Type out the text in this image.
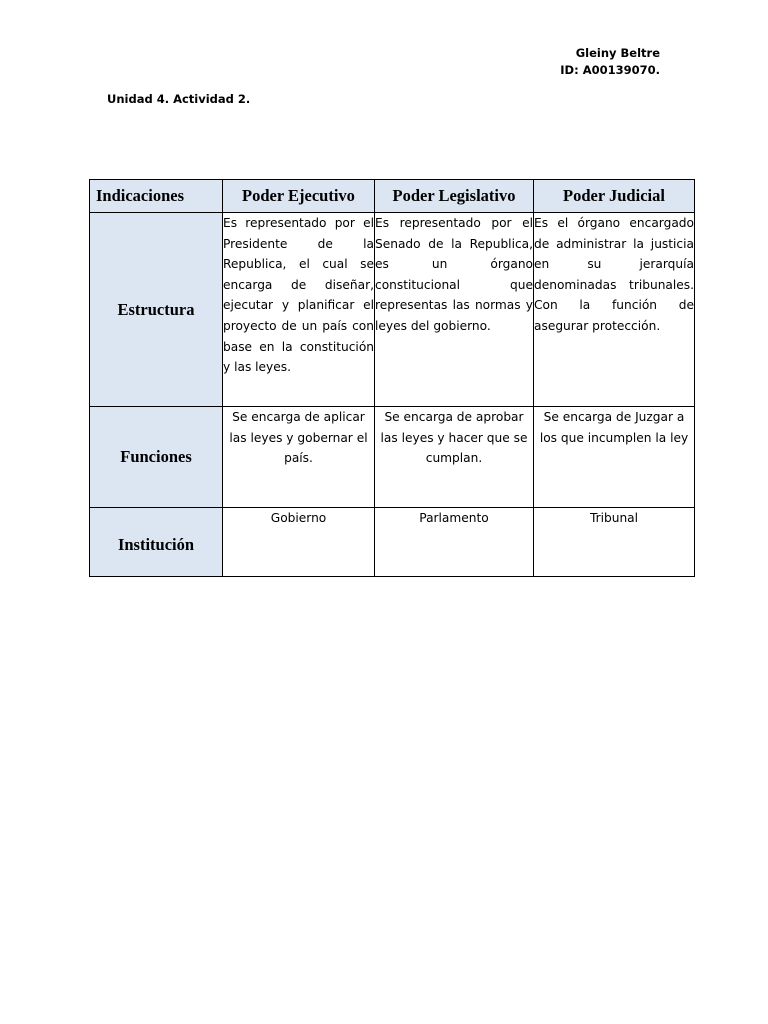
Gleiny Beltre
ID: A00139070.
Unidad 4. Actividad 2.
Indicaciones	Poder Ejecutivo	Poder Legislativo	Poder Judicial
Estructura	Es representado por el Presidente de la Republica, el cual se encarga de diseñar, ejecutar y planificar el proyecto de un país con base en la constitución y las leyes.	Es representado por el Senado de la Republica, es un órgano constitucional que representas las normas y leyes del gobierno.	Es el órgano encargado de administrar la justicia en su jerarquía denominadas tribunales. Con la función de asegurar protección.
Funciones	Se encarga de aplicar las leyes y gobernar el país.	Se encarga de aprobar las leyes y hacer que se cumplan.	Se encarga de Juzgar a los que incumplen la ley
Institución	Gobierno	Parlamento	Tribunal
